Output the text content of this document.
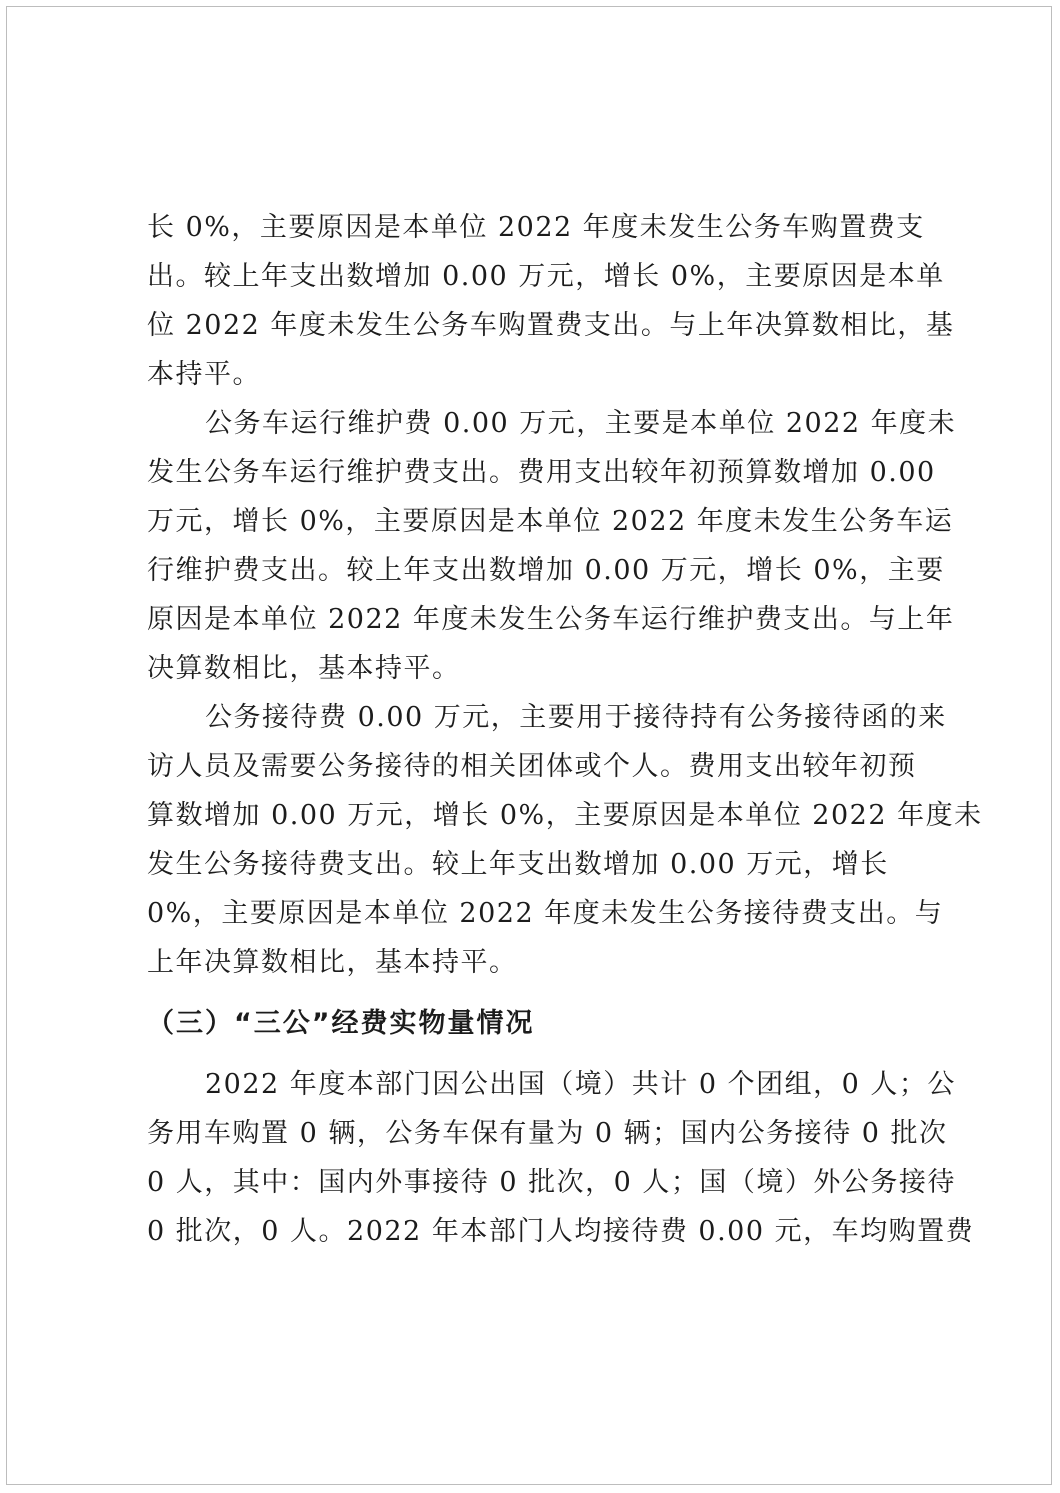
长 0%，主要原因是本单位 2022 年度未发生公务车购置费支
出。较上年支出数增加 0.00 万元，增长 0%，主要原因是本单
位 2022 年度未发生公务车购置费支出。与上年决算数相比，基
本持平。
公务车运行维护费 0.00 万元，主要是本单位 2022 年度未
发生公务车运行维护费支出。费用支出较年初预算数增加 0.00
万元，增长 0%，主要原因是本单位 2022 年度未发生公务车运
行维护费支出。较上年支出数增加 0.00 万元，增长 0%，主要
原因是本单位 2022 年度未发生公务车运行维护费支出。与上年
决算数相比，基本持平。
公务接待费 0.00 万元，主要用于接待持有公务接待函的来
访人员及需要公务接待的相关团体或个人。费用支出较年初预
算数增加 0.00 万元，增长 0%，主要原因是本单位 2022 年度未
发生公务接待费支出。较上年支出数增加 0.00 万元，增长
0%，主要原因是本单位 2022 年度未发生公务接待费支出。与
上年决算数相比，基本持平。
（三）“三公”经费实物量情况
2022 年度本部门因公出国（境）共计 0 个团组，0 人；公
务用车购置 0 辆，公务车保有量为 0 辆；国内公务接待 0 批次
0 人，其中：国内外事接待 0 批次，0 人；国（境）外公务接待
0 批次，0 人。2022 年本部门人均接待费 0.00 元，车均购置费
